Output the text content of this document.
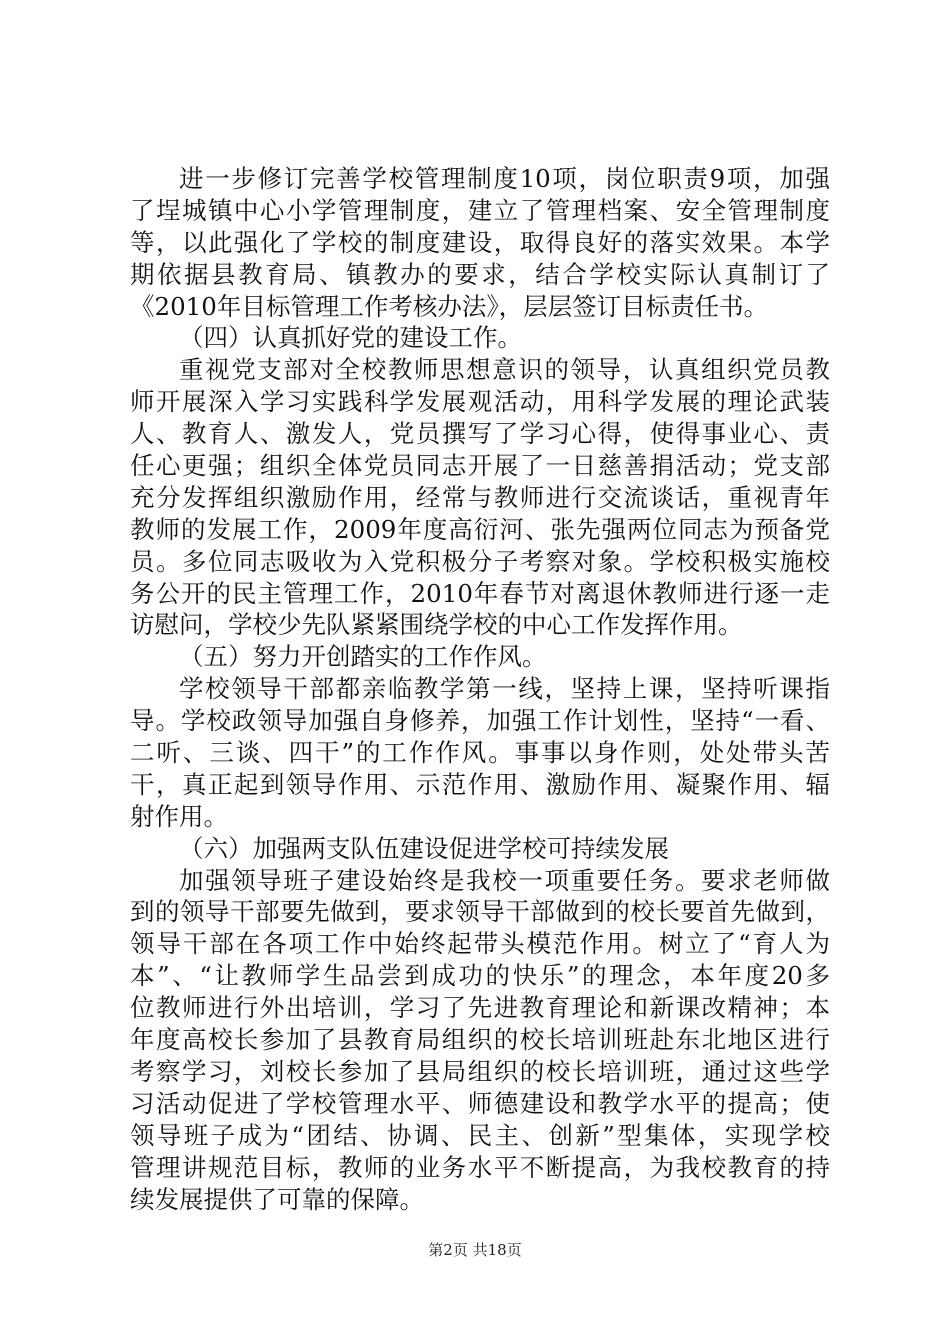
进一步修订完善学校管理制度10项，岗位职责9项，加强
了埕城镇中心小学管理制度，建立了管理档案、安全管理制度
等，以此强化了学校的制度建设，取得良好的落实效果。本学
期依据县教育局、镇教办的要求，结合学校实际认真制订了
《2010年目标管理工作考核办法》，层层签订目标责任书。
（四）认真抓好党的建设工作。
重视党支部对全校教师思想意识的领导，认真组织党员教
师开展深入学习实践科学发展观活动，用科学发展的理论武装
人、教育人、激发人，党员撰写了学习心得，使得事业心、责
任心更强；组织全体党员同志开展了一日慈善捐活动；党支部
充分发挥组织激励作用，经常与教师进行交流谈话，重视青年
教师的发展工作，2009年度高衍河、张先强两位同志为预备党
员。多位同志吸收为入党积极分子考察对象。学校积极实施校
务公开的民主管理工作，2010年春节对离退休教师进行逐一走
访慰问，学校少先队紧紧围绕学校的中心工作发挥作用。
（五）努力开创踏实的工作作风。
学校领导干部都亲临教学第一线，坚持上课，坚持听课指
导。学校政领导加强自身修养，加强工作计划性，坚持“一看、
二听、三谈、四干”的工作作风。事事以身作则，处处带头苦
干，真正起到领导作用、示范作用、激励作用、凝聚作用、辐
射作用。
（六）加强两支队伍建设促进学校可持续发展
加强领导班子建设始终是我校一项重要任务。要求老师做
到的领导干部要先做到，要求领导干部做到的校长要首先做到，
领导干部在各项工作中始终起带头模范作用。树立了“育人为
本”、“让教师学生品尝到成功的快乐”的理念，本年度20多
位教师进行外出培训，学习了先进教育理论和新课改精神；本
年度高校长参加了县教育局组织的校长培训班赴东北地区进行
考察学习，刘校长参加了县局组织的校长培训班，通过这些学
习活动促进了学校管理水平、师德建设和教学水平的提高；使
领导班子成为“团结、协调、民主、创新”型集体，实现学校
管理讲规范目标，教师的业务水平不断提高，为我校教育的持
续发展提供了可靠的保障。
第2页 共18页
